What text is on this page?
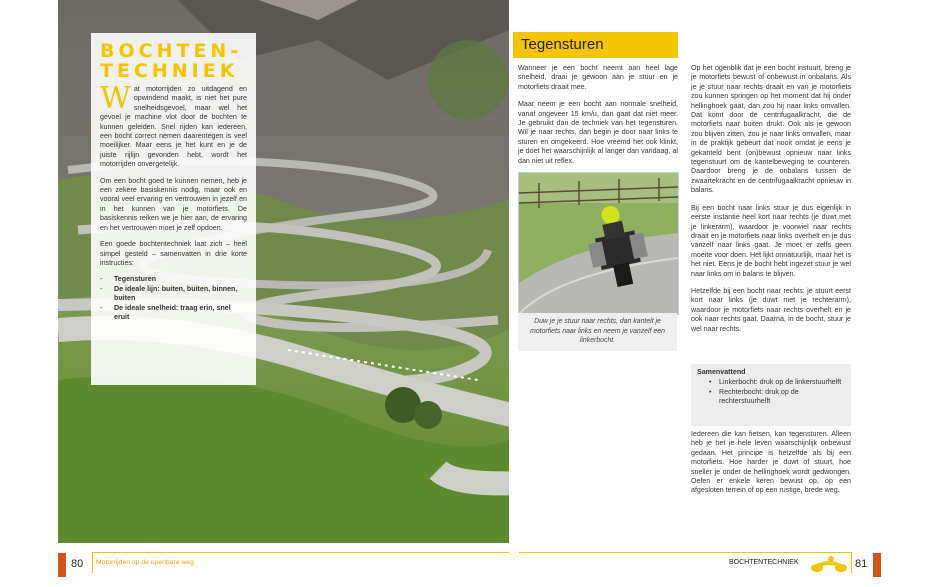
BOCHTEN-
TECHNIEK

Wat motorrijden zo uitdagend en opwindend maakt, is niet het pure snelheidsgevoel, maar wel het gevoel je machine vlot door de bochten te kunnen geleiden. Snel rijden kan iedereen, een bocht correct nemen daarentegen is veel moeilijker. Maar eens je het kunt en je de juiste rijlijn gevonden hebt, wordt het motorrijden onvergetelijk.

Om een bocht goed te kunnen nemen, heb je een zekere basiskennis nodig, maar ook en vooral veel ervaring en vertrouwen in jezelf en in het kunnen van je motorfiets. De basiskennis reiken we je hier aan, de ervaring en het vertrouwen moet je zelf opdoen.

Een goede bochtentechniek laat zich – heel simpel gesteld – samenvatten in drie korte instructies:

-	Tegensturen
-	De ideale lijn: buiten, buiten, binnen, buiten
-	De ideale snelheid: traag erin, snel eruit
Tegensturen

Wanneer je een bocht neemt aan heel lage snelheid, draai je gewoon aan je stuur en je motorfiets draait mee.

Maar neem je een bocht aan normale snelheid, vanaf ongeveer 15 km/u, dan gaat dat niet meer. Je gebruikt dan de techniek van het tegensturen. Wil je naar rechts, dan begin je door naar links te sturen en omgekeerd. Hoe vreemd het ook klinkt, je doet het waarschijnlijk al langer dan vandaag, al dan niet uit reflex.

Duw je je stuur naar rechts, dan kantelt je motorfiets naar links en neem je vanzelf een linkerbocht.

Op het ogenblik dat je een bocht instuurt, breng je je motorfiets bewust of onbewust in onbalans. Als je je stuur naar rechts draait en van je motorfiets zou kunnen springen op het moment dat hij onder hellinghoek gaat, dan zou hij naar links omvallen. Dat komt door de centrifugaalkracht, die de motorfiets naar buiten drukt. Ook als je gewoon zou blijven zitten, zou je naar links omvallen, maar in de praktijk gebeurt dat nooit omdat je eens je gekanteld bent (on)bewust opnieuw naar links tegenstuurt om de kantelbeweging te counteren. Daardoor breng je de onbalans tussen de zwaartekracht en de centrifugaalkracht opnieuw in balans.

Bij een bocht naar links stuur je dus eigenlijk in eerste instantie heel kort naar rechts (je duwt met je linkerarm), waardoor je voorwiel naar rechts draait en je motorfiets naar links overhelt en je dus vanzelf naar links gaat. Je moet er zelfs geen moeite voor doen. Het lijkt onnatuurlijk, maar het is het niet. Eens je de bocht hebt ingezet stuur je wel naar links om in balans te blijven.

Hetzelfde bij een bocht naar rechts: je stuurt eerst kort naar links (je duwt met je rechterarm), waardoor je motorfiets naar rechts overhelt en je ook naar rechts gaat. Daarna, in de bocht, stuur je wel naar rechts.

Samenvattend
• Linkerbocht: druk op de linkerstuurhelft
• Rechterbocht: druk op de rechterstuurhelft

Iedereen die kan fietsen, kan tegensturen. Alleen heb je het je hele leven waarschijnlijk onbewust gedaan. Het principe is hetzelfde als bij een motorfiets. Hoe harder je duwt of stuurt, hoe sneller je onder de hellinghoek wordt gedwongen. Oefen er enkele keren bewust op, op een afgesloten terrein of op een rustige, brede weg.

80 Motorrijden op de openbare weg	BOCHTENTECHNIEK	81
